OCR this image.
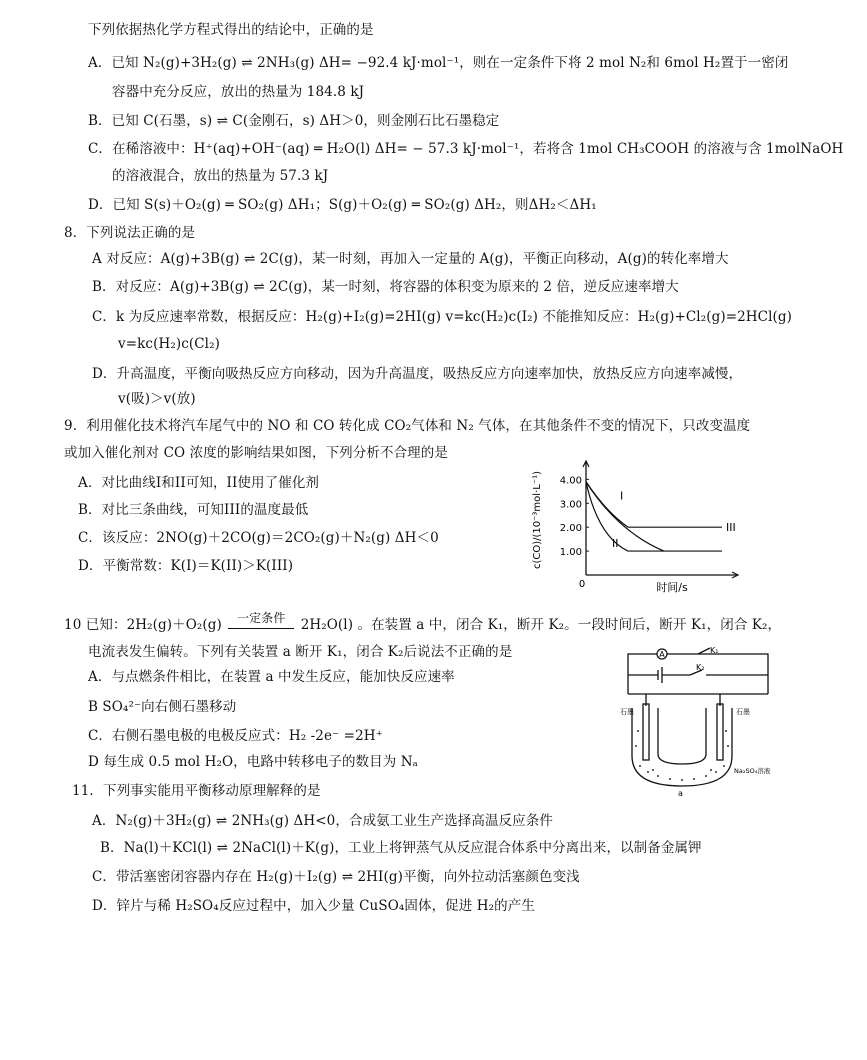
下列依据热化学方程式得出的结论中，正确的是
A．已知 N₂(g)+3H₂(g) ⇌ 2NH₃(g) ΔH= −92.4 kJ·mol⁻¹，则在一定条件下将 2 mol N₂和 6mol H₂置于一密闭
容器中充分反应，放出的热量为 184.8 kJ
B．已知 C(石墨，s) ⇌ C(金刚石，s) ΔH＞0，则金刚石比石墨稳定
C．在稀溶液中：H⁺(aq)+OH⁻(aq) ═ H₂O(l) ΔH= − 57.3 kJ·mol⁻¹，若将含 1mol CH₃COOH 的溶液与含 1molNaOH
的溶液混合，放出的热量为 57.3 kJ
D．已知 S(s)＋O₂(g) ═ SO₂(g) ΔH₁；S(g)＋O₂(g) ═ SO₂(g) ΔH₂，则ΔH₂＜ΔH₁
8．下列说法正确的是
A 对反应：A(g)+3B(g) ⇌ 2C(g)，某一时刻，再加入一定量的 A(g)，平衡正向移动，A(g)的转化率增大
B．对反应：A(g)+3B(g) ⇌ 2C(g)，某一时刻，将容器的体积变为原来的 2 倍，逆反应速率增大
C．k 为反应速率常数，根据反应：H₂(g)+I₂(g)=2HI(g) v=kc(H₂)c(I₂) 不能推知反应：H₂(g)+Cl₂(g)=2HCl(g)
v=kc(H₂)c(Cl₂)
D．升高温度，平衡向吸热反应方向移动，因为升高温度，吸热反应方向速率加快，放热反应方向速率减慢，
v(吸)＞v(放)
9．利用催化技术将汽车尾气中的 NO 和 CO 转化成 CO₂气体和 N₂ 气体，在其他条件不变的情况下，只改变温度
或加入催化剂对 CO 浓度的影响结果如图，下列分析不合理的是
A．对比曲线I和II可知，II使用了催化剂
B．对比三条曲线，可知III的温度最低
C．该反应：2NO(g)＋2CO(g)＝2CO₂(g)＋N₂(g) ΔH＜0
D．平衡常数：K(I)＝K(II)＞K(III)
4.00
3.00
2.00
1.00
0	时间/s
c(CO)/(10⁻³mol·L⁻¹)	I
II
III
10 已知：2H₂(g)＋O₂(g)	一定条件	2H₂O(l) 。在装置 a 中，闭合 K₁，断开 K₂。一段时间后，断开 K₁，闭合 K₂，
电流表发生偏转。下列有关装置 a 断开 K₁，闭合 K₂后说法不正确的是
A．与点燃条件相比，在装置 a 中发生反应，能加快反应速率
B SO₄²⁻向右侧石墨移动
C．右侧石墨电极的电极反应式：H₂ -2e⁻ =2H⁺
D 每生成 0.5 mol H₂O，电路中转移电子的数目为 Nₐ
A	K₁
K₂
石墨	石墨
Na₂SO₄溶液
a
11．下列事实能用平衡移动原理解释的是
A．N₂(g)＋3H₂(g) ⇌ 2NH₃(g) ΔH<0，合成氨工业生产选择高温反应条件
B．Na(l)＋KCl(l) ⇌ 2NaCl(l)＋K(g)，工业上将钾蒸气从反应混合体系中分离出来，以制备金属钾
C．带活塞密闭容器内存在 H₂(g)＋I₂(g) ⇌ 2HI(g)平衡，向外拉动活塞颜色变浅
D．锌片与稀 H₂SO₄反应过程中，加入少量 CuSO₄固体，促进 H₂的产生
